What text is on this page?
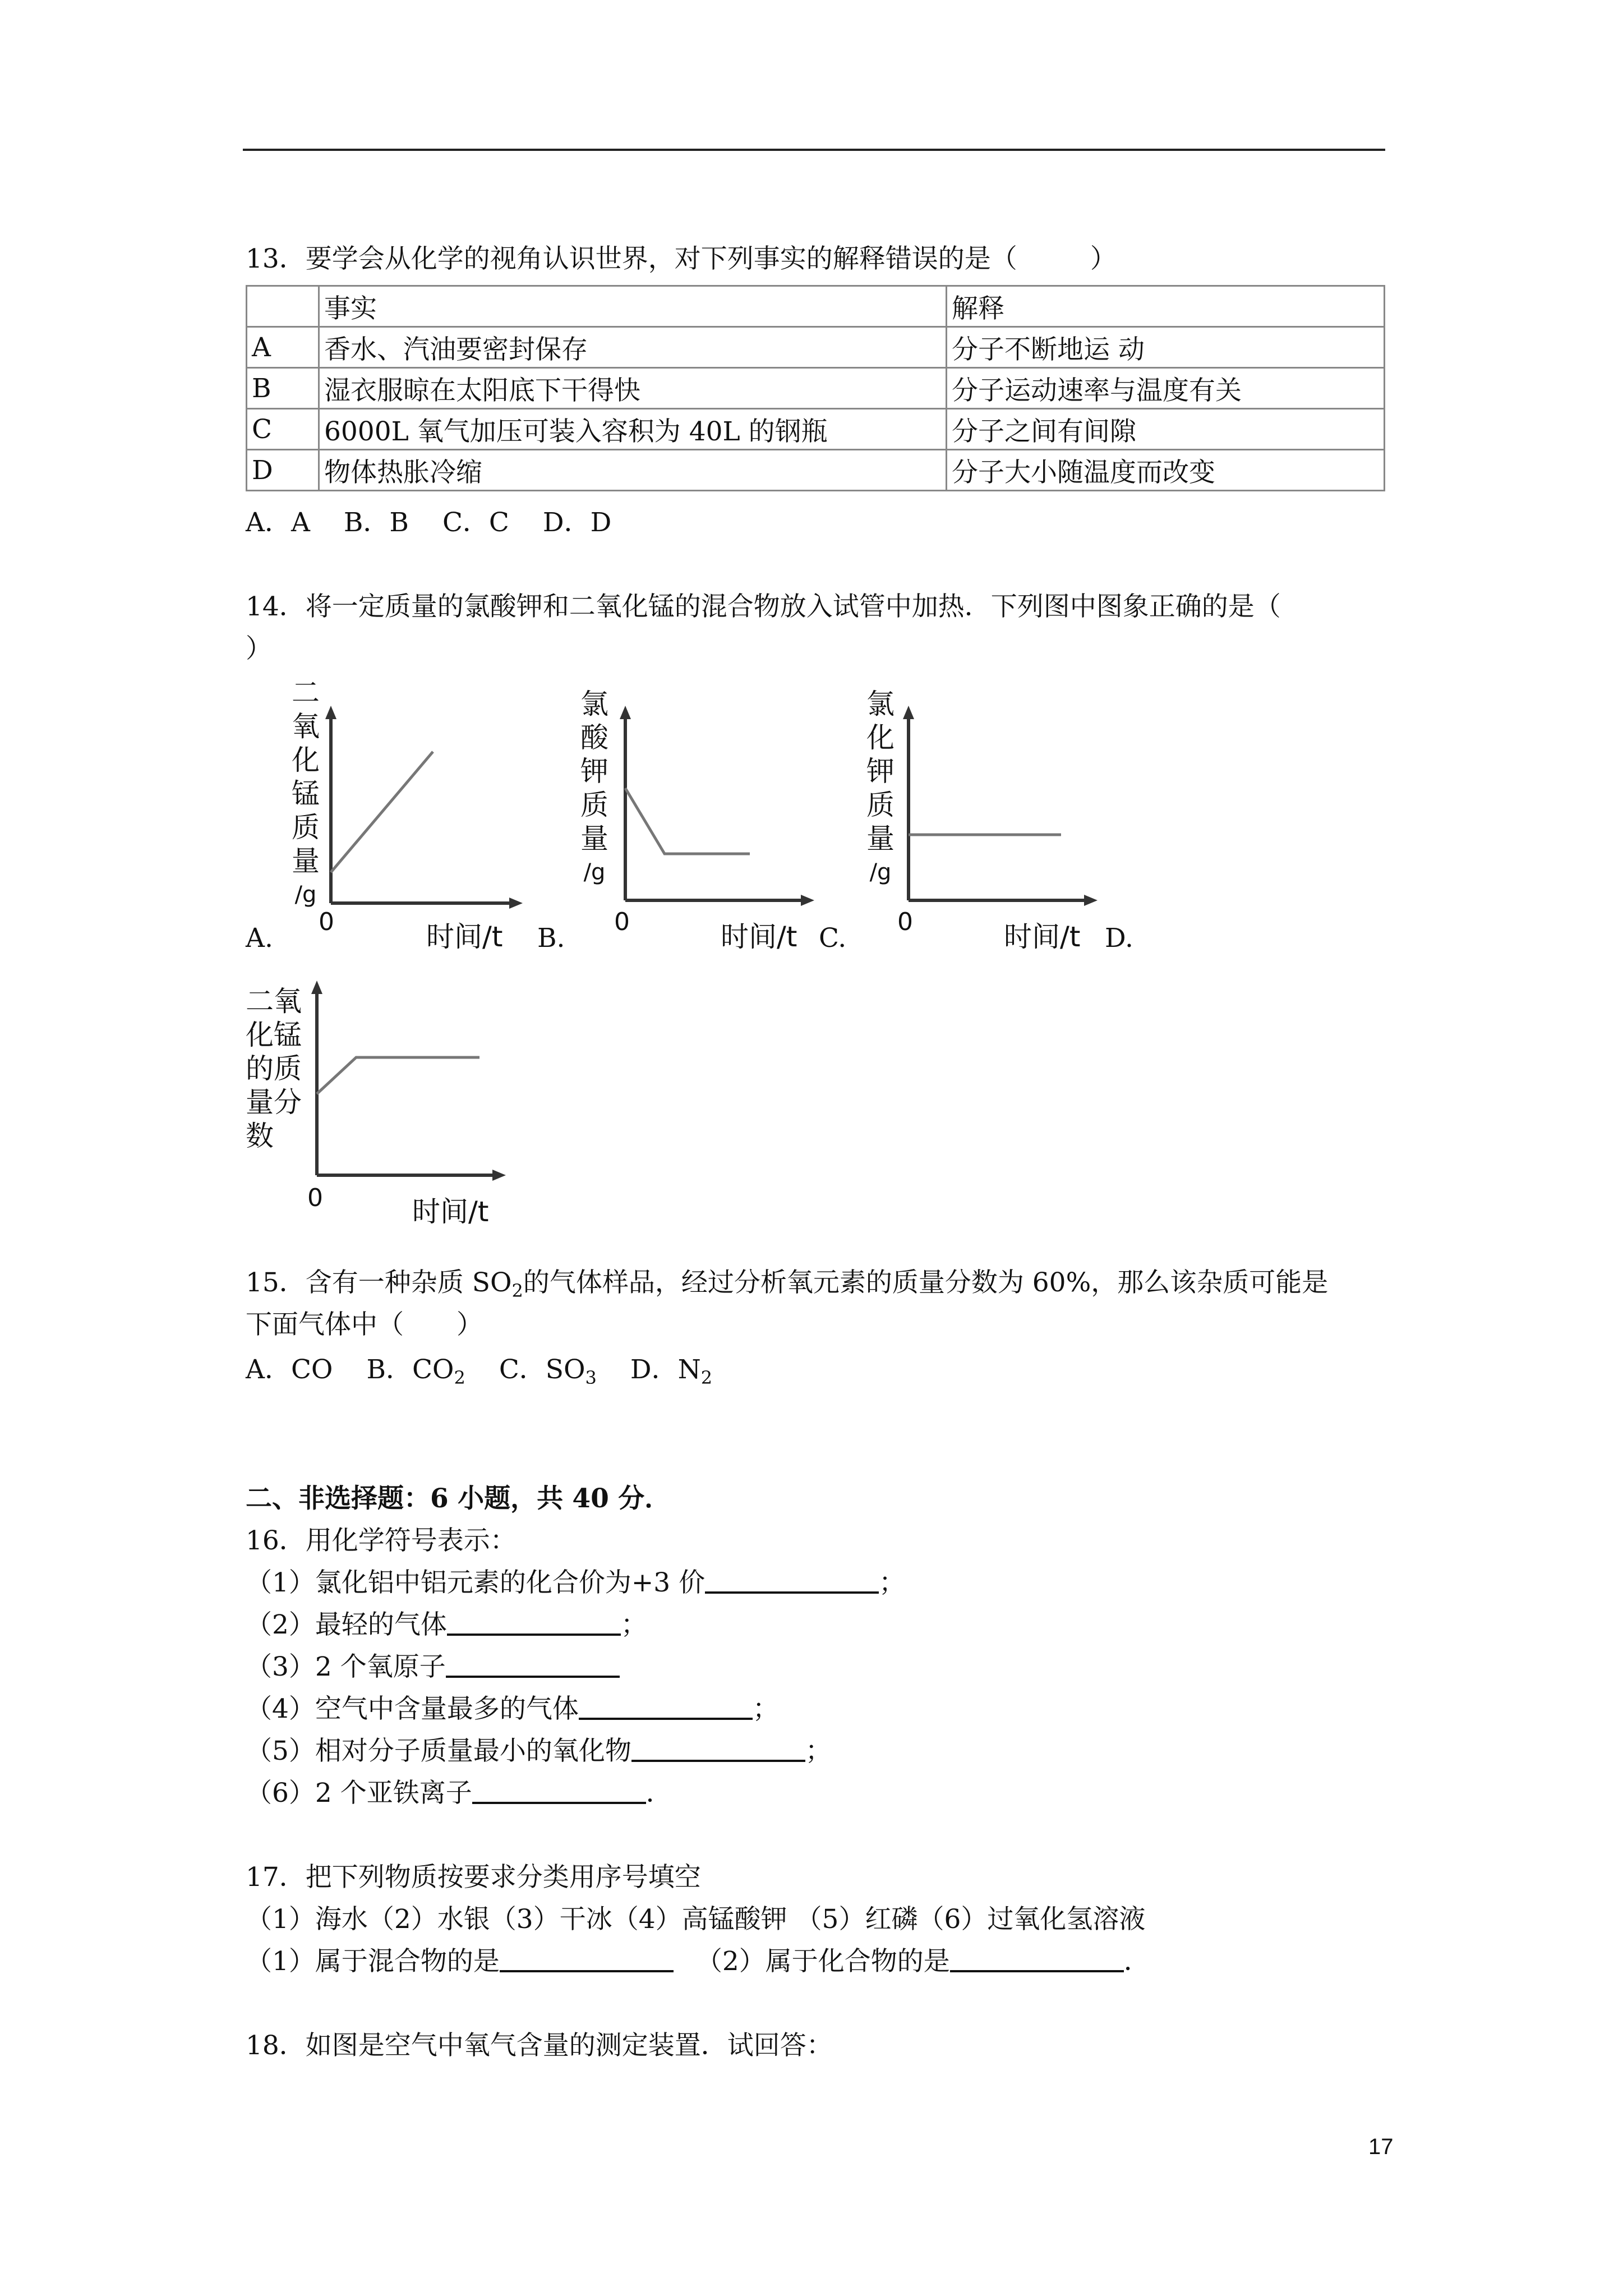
13．要学会从化学的视角认识世界，对下列事实的解释错误的是（	）
	事实	解释
A	香水、汽油要密封保存	分子不断地运 动
B	湿衣服晾在太阳底下干得快	分子运动速率与温度有关
C	6000L 氧气加压可装入容积为 40L 的钢瓶	分子之间有间隙
D	物体热胀冷缩	分子大小随温度而改变
A．A B．B C．C D．D
14．将一定质量的氯酸钾和二氧化锰的混合物放入试管中加热．下列图中图象正确的是（
）
二
氧
化
锰
质
量
/g
0	时间/t
A.
氯
酸
钾
质
量
/g
0	时间/t
B.
氯
化
钾
质
量
/g
0	时间/t
C.	D.
二氧
化锰
的质
量分
数
0	时间/t
15．含有一种杂质 $SO_2$的气体样品，经过分析氧元素的质量分数为 60%，那么该杂质可能是
下面气体中（　　）
A．CO B．$CO_2$ C．$SO_3$ D．$N_2$
二、非选择题：6 小题，共 40 分．
16．用化学符号表示：
（1）氯化铝中铝元素的化合价为+3 价	；
（2）最轻的气体	；
（3）2 个氧原子
（4）空气中含量最多的气体	；
（5）相对分子质量最小的氧化物	；
（6）2 个亚铁离子	．
17．把下列物质按要求分类用序号填空
（1）海水（2）水银（3）干冰（4）高锰酸钾 （5）红磷（6）过氧化氢溶液
（1）属于混合物的是	（2）属于化合物的是	．
18．如图是空气中氧气含量的测定装置．试回答：
17
